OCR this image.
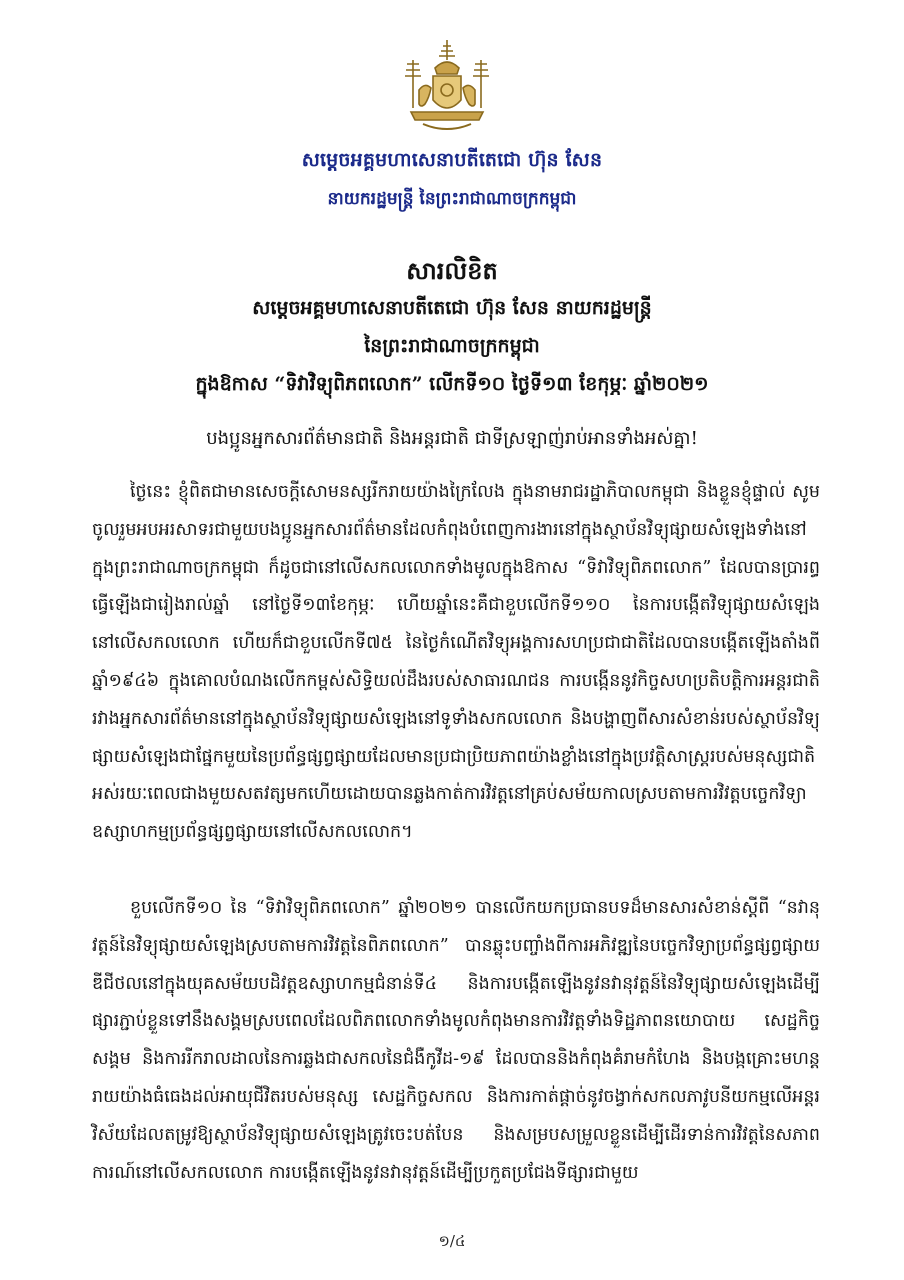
សម្តេចអគ្គមហាសេនាបតីតេជោ ហ៊ុន សែន
នាយករដ្ឋមន្ត្រី នៃព្រះរាជាណាចក្រកម្ពុជា
សារលិខិត
សម្តេចអគ្គមហាសេនាបតីតេជោ ហ៊ុន សែន នាយករដ្ឋមន្ត្រី
នៃព្រះរាជាណាចក្រកម្ពុជា
ក្នុងឱកាស “ទិវាវិទ្យុពិភពលោក” លើកទី១០ ថ្ងៃទី១៣ ខែកុម្ភៈ ឆ្នាំ២០២១
បងប្អូនអ្នកសារព័ត៌មានជាតិ និងអន្តរជាតិ ជាទីស្រឡាញ់រាប់អានទាំងអស់គ្នា!
ថ្ងៃនេះ ខ្ញុំពិតជាមានសេចក្តីសោមនស្សរីករាយយ៉ាងក្រៃលែង ក្នុងនាមរាជរដ្ឋាភិបាលកម្ពុជា និងខ្លួនខ្ញុំផ្ទាល់ សូមចូលរួមអបអរសាទរជាមួយបងប្អូនអ្នកសារព័ត៌មានដែលកំពុងបំពេញការងារនៅក្នុងស្ថាប័នវិទ្យុផ្សាយសំឡេងទាំងនៅក្នុងព្រះរាជាណាចក្រកម្ពុជា ក៏ដូចជានៅលើសកលលោកទាំងមូលក្នុងឱកាស “ទិវាវិទ្យុពិភពលោក” ដែលបានប្រារព្ធធ្វើឡើងជារៀងរាល់ឆ្នាំ នៅថ្ងៃទី១៣ខែកុម្ភៈ ហើយឆ្នាំនេះគឺជាខួបលើកទី១១០ នៃការបង្កើតវិទ្យុផ្សាយសំឡេងនៅលើសកលលោក ហើយក៏ជាខួបលើកទី៧៥ នៃថ្ងៃកំណើតវិទ្យុអង្គការសហប្រជាជាតិដែលបានបង្កើតឡើងតាំងពីឆ្នាំ១៩៤៦ ក្នុងគោលបំណងលើកកម្ពស់សិទ្ធិយល់ដឹងរបស់សាធារណជន ការបង្កើននូវកិច្ចសហប្រតិបត្តិការអន្តរជាតិរវាងអ្នកសារព័ត៌មាននៅក្នុងស្ថាប័នវិទ្យុផ្សាយសំឡេងនៅទូទាំងសកលលោក និងបង្ហាញពីសារសំខាន់របស់ស្ថាប័នវិទ្យុផ្សាយសំឡេងជាផ្នែកមួយនៃប្រព័ន្ធផ្សព្វផ្សាយដែលមានប្រជាប្រិយភាពយ៉ាងខ្លាំងនៅក្នុងប្រវត្តិសាស្ត្ររបស់មនុស្សជាតិអស់រយៈពេលជាងមួយសតវត្សមកហើយដោយបានឆ្លងកាត់ការវិវត្តនៅគ្រប់សម័យកាលស្របតាមការវិវត្តបច្ចេកវិទ្យាឧស្សាហកម្មប្រព័ន្ធផ្សព្វផ្សាយនៅលើសកលលោក។
ខួបលើកទី១០ នៃ “ទិវាវិទ្យុពិភពលោក” ឆ្នាំ២០២១ បានលើកយកប្រធានបទដ៏មានសារសំខាន់ស្តីពី “នវានុវត្តន៍នៃវិទ្យុផ្សាយសំឡេងស្របតាមការវិវត្តនៃពិភពលោក” បានឆ្លុះបញ្ចាំងពីការអភិវឌ្ឍនៃបច្ចេកវិទ្យាប្រព័ន្ធផ្សព្វផ្សាយឌីជីថលនៅក្នុងយុគសម័យបដិវត្តឧស្សាហកម្មជំនាន់ទី៤ និងការបង្កើតឡើងនូវនវានុវត្តន៍នៃវិទ្យុផ្សាយសំឡេងដើម្បីផ្សារភ្ជាប់ខ្លួនទៅនឹងសង្គមស្របពេលដែលពិភពលោកទាំងមូលកំពុងមានការវិវត្តទាំងទិដ្ឋភាពនយោបាយ សេដ្ឋកិច្ច សង្គម និងការរីករាលដាលនៃការឆ្លងជាសកលនៃជំងឺកូវីដ-១៩ ដែលបាននិងកំពុងគំរាមកំហែង និងបង្កគ្រោះមហន្តរាយយ៉ាងធំធេងដល់អាយុជីវិតរបស់មនុស្ស សេដ្ឋកិច្ចសកល និងការកាត់ផ្តាច់នូវចង្វាក់សកលភាវូបនីយកម្មលើអន្តរវិស័យដែលតម្រូវឱ្យស្ថាប័នវិទ្យុផ្សាយសំឡេងត្រូវចេះបត់បែន និងសម្របសម្រួលខ្លួនដើម្បីដើរទាន់ការវិវត្តនៃសភាពការណ៍នៅលើសកលលោក ការបង្កើតឡើងនូវនវានុវត្តន៍ដើម្បីប្រកួតប្រជែងទីផ្សារជាមួយ
១/៤
